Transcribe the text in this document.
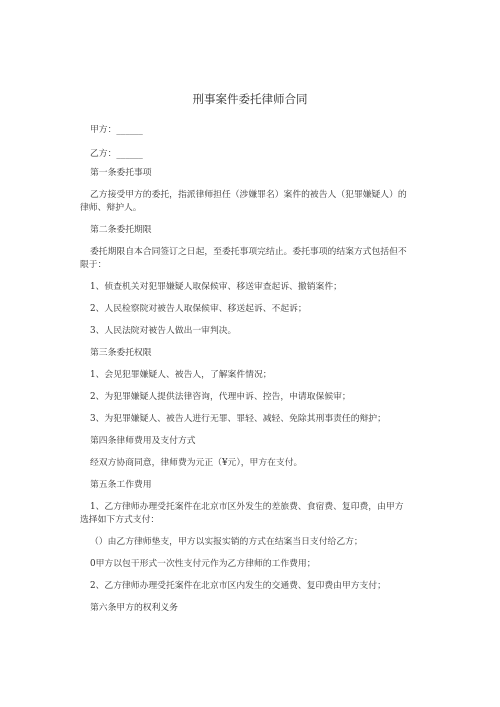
刑事案件委托律师合同
甲方：______
乙方：______
第一条委托事项
乙方接受甲方的委托，指派律师担任（涉嫌罪名）案件的被告人（犯罪嫌疑人）的
律师、辩护人。
第二条委托期限
委托期限自本合同签订之日起，至委托事项完结止。委托事项的结案方式包括但不
限于：
1、侦查机关对犯罪嫌疑人取保候审、移送审查起诉、撤销案件；
2、人民检察院对被告人取保候审、移送起诉、不起诉；
3、人民法院对被告人做出一审判决。
第三条委托权限
1、会见犯罪嫌疑人、被告人，了解案件情况；
2、为犯罪嫌疑人提供法律咨询，代理申诉、控告，申请取保候审；
3、为犯罪嫌疑人、被告人进行无罪、罪轻、减轻、免除其刑事责任的辩护；
第四条律师费用及支付方式
经双方协商同意，律师费为元正（¥元），甲方在支付。
第五条工作费用
1、乙方律师办理受托案件在北京市区外发生的差旅费、食宿费、复印费，由甲方
选择如下方式支付：
（）由乙方律师垫支，甲方以实报实销的方式在结案当日支付给乙方；
0甲方以包干形式一次性支付元作为乙方律师的工作费用；
2、乙方律师办理受托案件在北京市区内发生的交通费、复印费由甲方支付；
第六条甲方的权利义务
